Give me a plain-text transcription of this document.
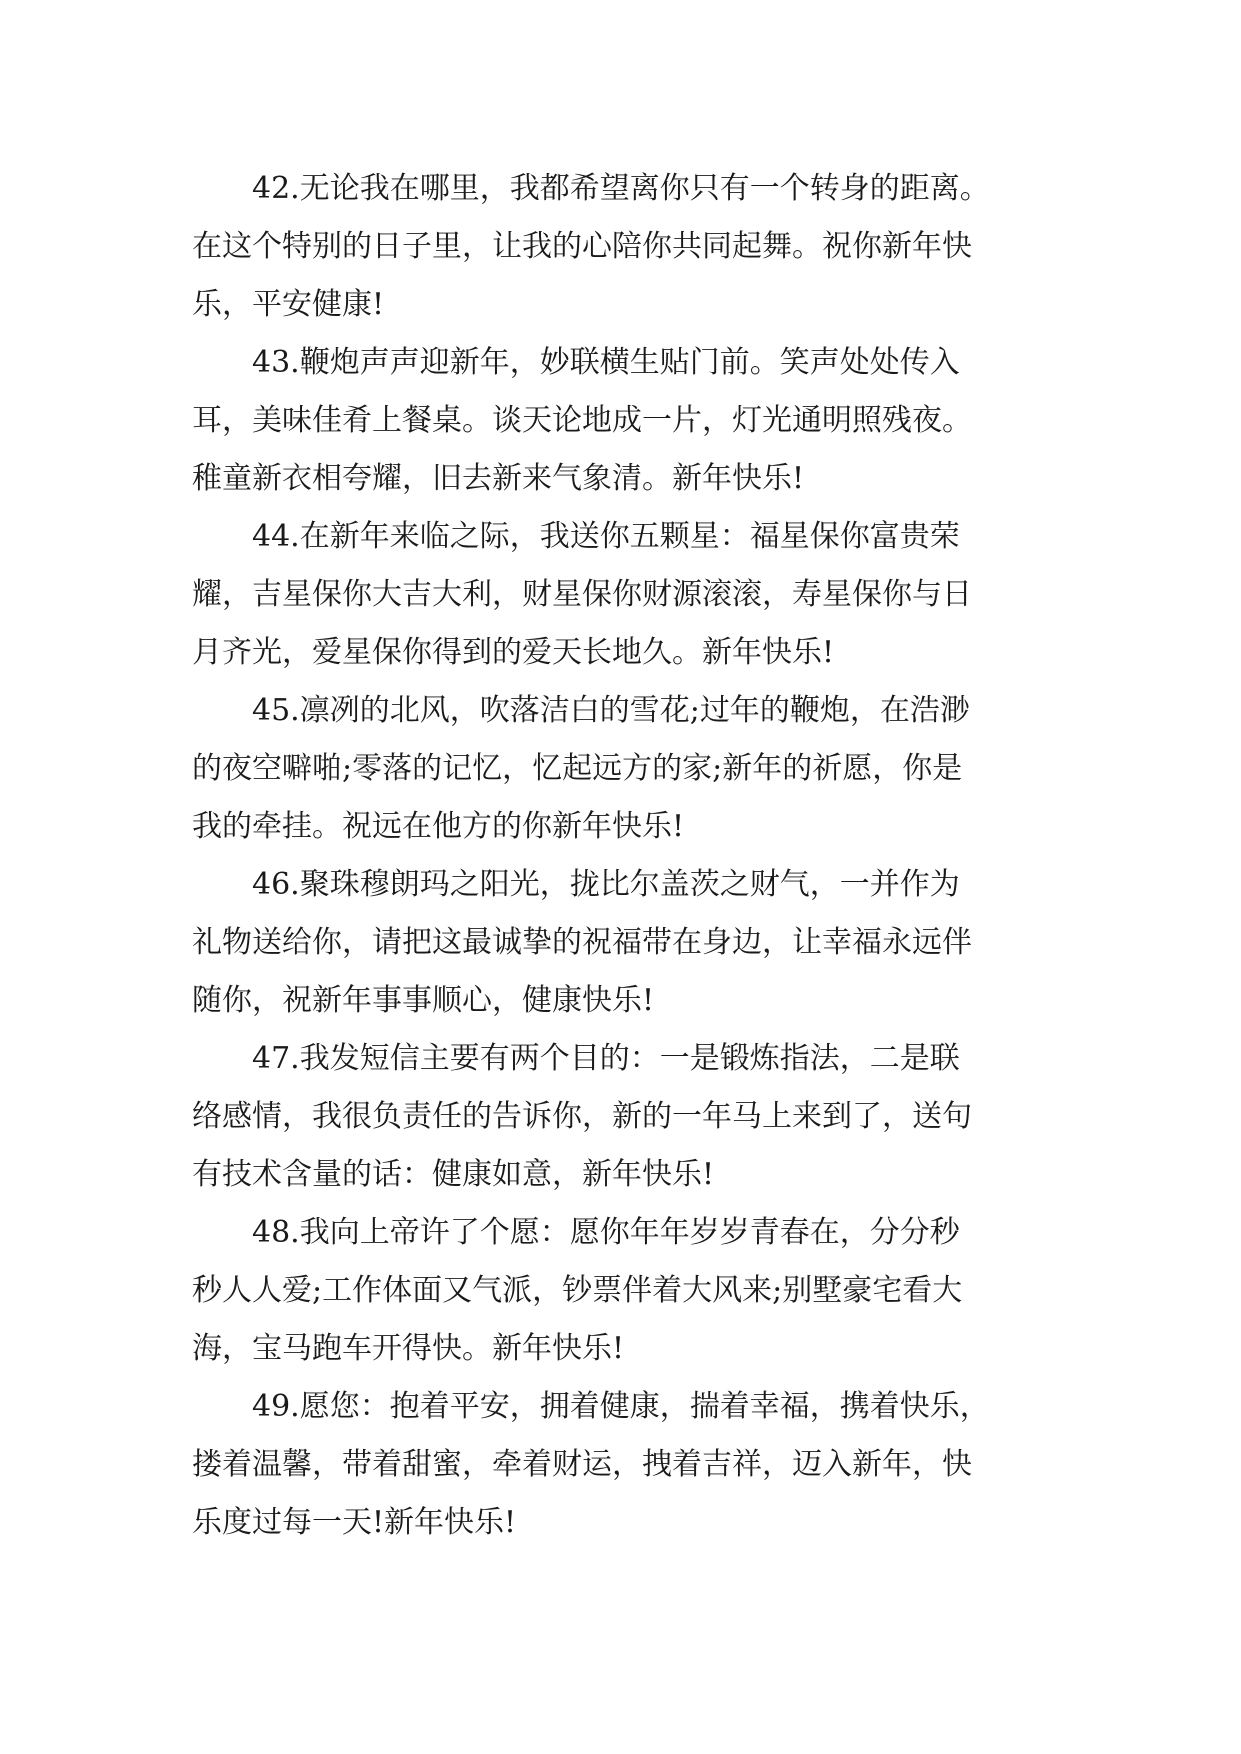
42.无论我在哪里，我都希望离你只有一个转身的距离。
在这个特别的日子里，让我的心陪你共同起舞。祝你新年快
乐，平安健康!

43.鞭炮声声迎新年，妙联横生贴门前。笑声处处传入
耳，美味佳肴上餐桌。谈天论地成一片，灯光通明照残夜。
稚童新衣相夸耀，旧去新来气象清。新年快乐!

44.在新年来临之际，我送你五颗星：福星保你富贵荣
耀，吉星保你大吉大利，财星保你财源滚滚，寿星保你与日
月齐光，爱星保你得到的爱天长地久。新年快乐!

45.凛冽的北风，吹落洁白的雪花;过年的鞭炮，在浩渺
的夜空噼啪;零落的记忆，忆起远方的家;新年的祈愿，你是
我的牵挂。祝远在他方的你新年快乐!

46.聚珠穆朗玛之阳光，拢比尔盖茨之财气，一并作为
礼物送给你，请把这最诚挚的祝福带在身边，让幸福永远伴
随你，祝新年事事顺心，健康快乐!

47.我发短信主要有两个目的：一是锻炼指法，二是联
络感情，我很负责任的告诉你，新的一年马上来到了，送句
有技术含量的话：健康如意，新年快乐!

48.我向上帝许了个愿：愿你年年岁岁青春在，分分秒
秒人人爱;工作体面又气派，钞票伴着大风来;别墅豪宅看大
海，宝马跑车开得快。新年快乐!

49.愿您：抱着平安，拥着健康，揣着幸福，携着快乐，
搂着温馨，带着甜蜜，牵着财运，拽着吉祥，迈入新年，快
乐度过每一天!新年快乐!
